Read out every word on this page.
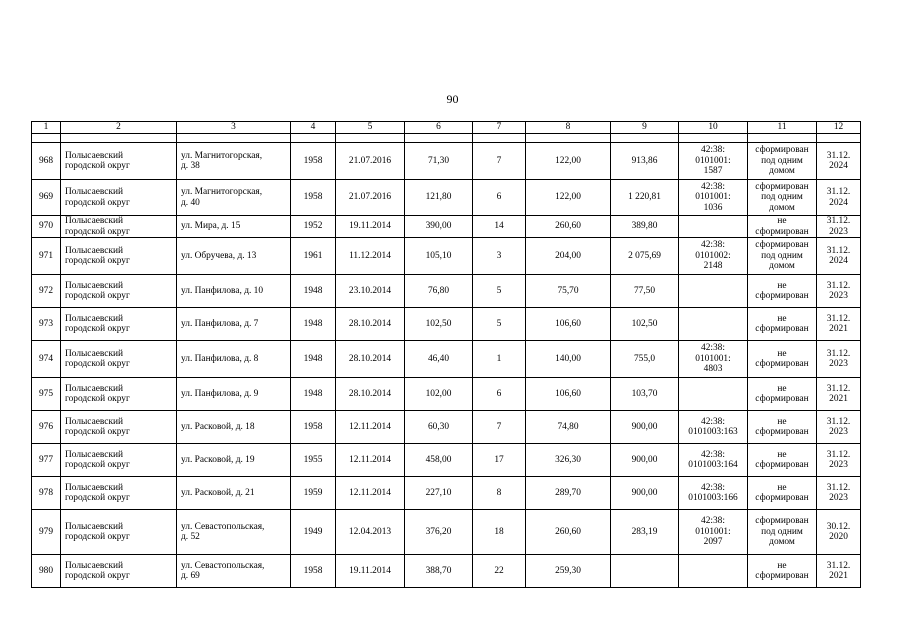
90
1	2	3	4	5	6	7	8	9	10	11	12

968	Полысаевский
городской округ	ул. Магнитогорская,
д. 38	1958	21.07.2016	71,30	7	122,00	913,86	42:38:
0101001:
1587	сформирован
под одним
домом	31.12.
2024

969	Полысаевский
городской округ	ул. Магнитогорская,
д. 40	1958	21.07.2016	121,80	6	122,00	1 220,81	42:38:
0101001:
1036	сформирован
под одним
домом	31.12.
2024

970	Полысаевский
городской округ	ул. Мира, д. 15	1952	19.11.2014	390,00	14	260,60	389,80		не
сформирован	31.12.
2023

971	Полысаевский
городской округ	ул. Обручева, д. 13	1961	11.12.2014	105,10	3	204,00	2 075,69	42:38:
0101002:
2148	сформирован
под одним
домом	31.12.
2024

972	Полысаевский
городской округ	ул. Панфилова, д. 10	1948	23.10.2014	76,80	5	75,70	77,50		не
сформирован	31.12.
2023

973	Полысаевский
городской округ	ул. Панфилова, д. 7	1948	28.10.2014	102,50	5	106,60	102,50		не
сформирован	31.12.
2021

974	Полысаевский
городской округ	ул. Панфилова, д. 8	1948	28.10.2014	46,40	1	140,00	755,0	42:38:
0101001:
4803	не
сформирован	31.12.
2023

975	Полысаевский
городской округ	ул. Панфилова, д. 9	1948	28.10.2014	102,00	6	106,60	103,70		не
сформирован	31.12.
2021

976	Полысаевский
городской округ	ул. Расковой, д. 18	1958	12.11.2014	60,30	7	74,80	900,00	42:38:
0101003:163	не
сформирован	31.12.
2023

977	Полысаевский
городской округ	ул. Расковой, д. 19	1955	12.11.2014	458,00	17	326,30	900,00	42:38:
0101003:164	не
сформирован	31.12.
2023

978	Полысаевский
городской округ	ул. Расковой, д. 21	1959	12.11.2014	227,10	8	289,70	900,00	42:38:
0101003:166	не
сформирован	31.12.
2023

979	Полысаевский
городской округ	ул. Севастопольская,
д. 52	1949	12.04.2013	376,20	18	260,60	283,19	42:38:
0101001:
2097	сформирован
под одним
домом	30.12.
2020

980	Полысаевский
городской округ	ул. Севастопольская,
д. 69	1958	19.11.2014	388,70	22	259,30			не
сформирован	31.12.
2021
